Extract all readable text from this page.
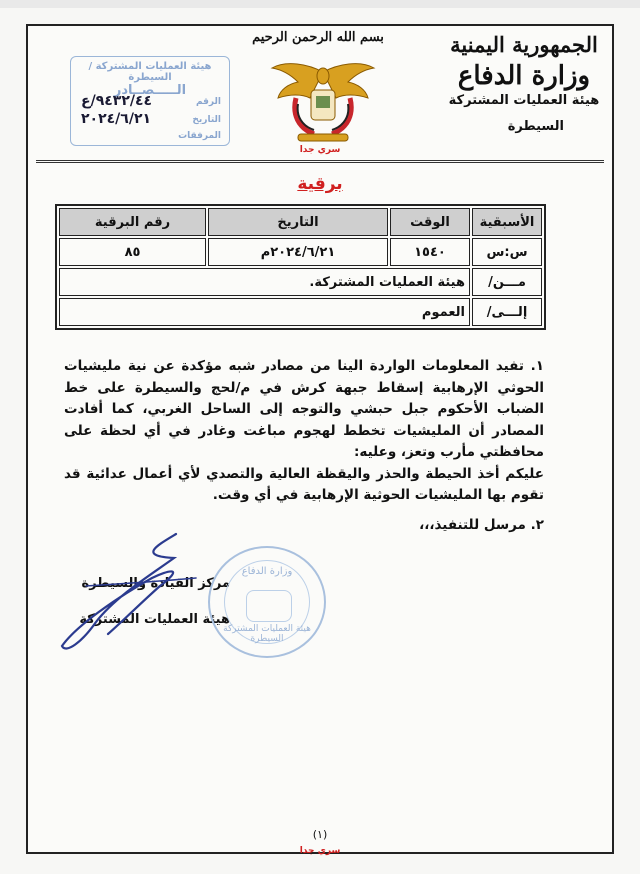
الجمهورية اليمنية
وزارة الدفاع
هيئة العمليات المشتركة
السيطرة
بسم الله الرحمن الرحيم
سري جدا
هيئة العمليات المشتركة / السيطرة
الـــــصــادر
الرقم
٩٤٣٢/٤٤/ع
التاريخ
٢٠٢٤/٦/٢١
المرفقات
برقية
الأسبقية	الوقت	التاريخ	رقم البرقية
س:س	١٥٤٠	٢٠٢٤/٦/٢١م	٨٥
مـــن/	هيئة العمليات المشتركة.		
إلـــى/	العموم		

١. تفيد المعلومات الواردة الينا من مصادر شبه مؤكدة عن نية مليشيات الحوثي الإرهابية إسقاط جبهة كرش في م/لحج والسيطرة على خط الضباب الأحكوم جبل حبشي والتوجه إلى الساحل الغربي، كما أفادت المصادر أن المليشيات تخطط لهجوم مباغت وغادر في أي لحظة على محافظتي مأرب وتعز، وعليه:

عليكم أخذ الحيطة والحذر واليقظة العالية والتصدي لأي أعمال عدائية قد تقوم بها المليشيات الحوثية الإرهابية في أي وقت.

٢. مرسل للتنفيذ،،،

مركز القيادة والسيطرة
هيئة العمليات المشتركة
وزارة الدفاع
هيئة العمليات المشتركة السيطرة
(١)
سري جدا
